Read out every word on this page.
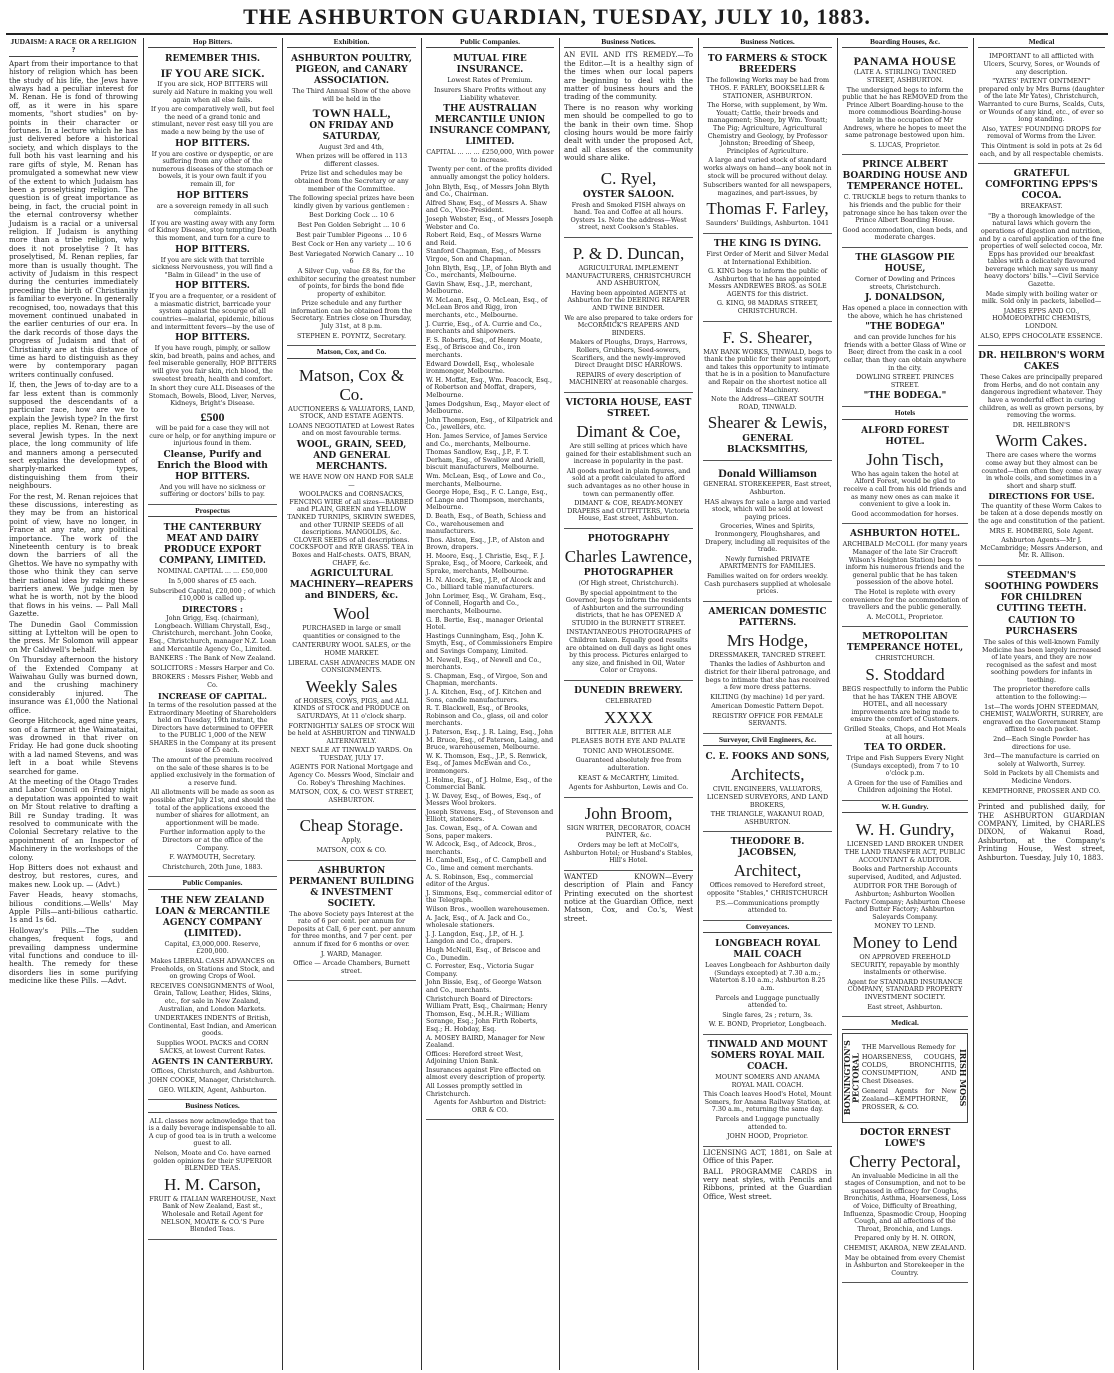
THE ASHBURTON GUARDIAN, TUESDAY, JULY 10, 1883.
JUDAISM: A RACE OR A RELIGION ?

Apart from their importance to that history of religion which has been the study of his life, the Jews have always had a peculiar interest for M. Renan. He is fond of throwing off, as it were in his spare moments, "short studies" on by-points in their character or fortunes. In a lecture which he has just delivered before a historical society, and which displays to the full both his vast learning and his rare gifts of style, M. Renan has promulgated a somewhat new view of the extent to which Judaism has been a proselytising religion. The question is of great importance as being, in fact, the crucial point in the eternal controversy whether Judaism is a racial or a universal religion. If Judaism is anything more than a tribe religion, why does it not proselytise ? It has proselytised, M. Renan replies, far more than is usually thought. The activity of Judaism in this respect during the centuries immediately preceding the birth of Christianity is familiar to everyone. In generally recognised, too, nowadays that this movement continued unabated in the earlier centuries of our era. In the dark records of those days the progress of Judaism and that of Christianity are at this distance of time as hard to distinguish as they were by contemporary pagan writers continually confused.

If, then, the Jews of to-day are to a far less extent than is commonly supposed the descendants of a particular race, how are we to explain the Jewish type? In the first place, replies M. Renan, there are several Jewish types. In the next place, the long community of life and manners among a persecuted sect explains the development of sharply-marked types, distinguishing them from their neighbours.

For the rest, M. Renan rejoices that these discussions, interesting as they may be from an historical point of view, have no longer, in France at any rate, any political importance. The work of the Nineteenth century is to break down the barriers of all the Ghettos. We have no sympathy with those who think they can serve their national idea by raking these barriers anew. We judge men by what he is worth, not by the blood that flows in his veins. — Pall Mall Gazette.

The Dunedin Gaol Commission sitting at Lyttelton will be open to the press. Mr Solomon will appear on Mr Caldwell's behalf.

On Thursday afternoon the history of the Extended Company at Waiwahau Gully was burned down, and the crushing machinery considerably injured. The insurance was £1,000 the National office.

George Hitchcock, aged nine years, son of a farmer at the Waimataitai, was drowned in that river on Friday. He had gone duck shooting with a lad named Stevens, and was left in a boat while Stevens searched for game.

At the meeting of the Otago Trades and Labor Council on Friday night a deputation was appointed to wait on Mr Stout relative to drafting a Bill re Sunday trading. It was resolved to communicate with the Colonial Secretary relative to the appointment of an Inspector of Machinery in the workshops of the colony.

Hop Bitters does not exhaust and destroy, but restores, cures, and makes new. Look up. — (Advt.)

Faver Heads, heavy stomachs, bilious conditions.—Wells' May Apple Pills—anti-bilious cathartic. 1s and 1s 6d.

Holloway's Pills.—The sudden changes, frequent fogs, and prevailing dampness undermine vital functions and conduce to ill-health. The remedy for these disorders lies in some purifying medicine like these Pills. —Advt.

Hop Bitters.
REMEMBER THIS.
IF YOU ARE SICK.

If you are sick, HOP BITTERS will surely aid Nature in making you well again when all else fails.

If you are comparatively well, but feel the need of a grand tonic and stimulant, never rest easy till you are made a new being by the use of

HOP BITTERS.

If you are costive or dyspeptic, or are suffering from any other of the numerous diseases of the stomach or bowels, it is your own fault if you remain ill, for

HOP BITTERS

are a sovereign remedy in all such complaints.

If you are wasting away with any form of Kidney Disease, stop tempting Death this moment, and turn for a cure to

HOP BITTERS.

If you are sick with that terrible sickness Nervousness, you will find a "Balm in Gilead" in the use of

HOP BITTERS.

If you are a frequenter, or a resident of a miasmatic district, barricade your system against the scourge of all countries—malarial, epidemic, bilious and intermittent fevers—by the use of

HOP BITTERS.

If you have rough, pimply, or sallow skin, bad breath, pains and aches, and feel miserable generally, HOP BITTERS will give you fair skin, rich blood, the sweetest breath, health and comfort.

In short they cure ALL Diseases of the Stomach, Bowels, Blood, Liver, Nerves, Kidneys, Bright's Disease.

£500

will be paid for a case they will not cure or help, or for anything impure or injurious found in them.

Cleanse, Purify and Enrich the Blood with HOP BITTERS.

And you will have no sickness or suffering or doctors' bills to pay.

Prospectus
THE CANTERBURY MEAT AND DAIRY PRODUCE EXPORT COMPANY, LIMITED.

NOMINAL CAPITAL ... ... £50,000

In 5,000 shares of £5 each.

Subscribed Capital, £20,000 ; of which £10,000 is called up.

DIRECTORS :

John Grigg, Esq. (chairman), Longbeach. William Chrystall, Esq., Christchurch, merchant. John Cooke, Esq., Christchurch, manager N.Z. Loan and Mercantile Agency Co., Limited.

BANKERS : The Bank of New Zealand.

SOLICITORS : Messrs Harper and Co.

BROKERS : Messrs Fisher, Webb and Co.

INCREASE OF CAPITAL.

In terms of the resolution passed at the Extraordinary Meeting of Shareholders held on Tuesday, 19th instant, the Directors have determined to OFFER to the PUBLIC 1,000 of the NEW SHARES in the Company at its present issue of £5 each.

The amount of the premium received on the sale of these shares is to be applied exclusively in the formation of a reserve fund.

All allotments will be made as soon as possible after July 21st, and should the total of the applications exceed the number of shares for allotment, an apportionment will be made.

Further information apply to the Directors or at the office of the Company.

F. WAYMOUTH, Secretary.

Christchurch, 20th June, 1883.

Public Companies.
THE NEW ZEALAND LOAN & MERCANTILE AGENCY COMPANY (LIMITED).

Capital, £3,000,000. Reserve, £200,000.

Makes LIBERAL CASH ADVANCES on Freeholds, on Stations and Stock, and on growing Crops of Wool.

RECEIVES CONSIGNMENTS of Wool, Grain, Tallow, Leather, Hides, Skins, etc., for sale in New Zealand, Australian, and London Markets.

UNDERTAKES INDENTS of British, Continental, East Indian, and American goods.

Supplies WOOL PACKS and CORN SACKS, at lowest Current Rates.

AGENTS IN CANTERBURY.

Offices, Christchurch, and Ashburton.

JOHN COOKE, Manager, Christchurch.

GEO. WILKIN, Agent, Ashburton.

Business Notices.

ALL classes now acknowledge that tea is a daily beverage indispensable to all. A cup of good tea is in truth a welcome guest to all.

Nelson, Moate and Co. have earned golden opinions for their SUPERIOR BLENDED TEAS.

H. M. Carson,

FRUIT & ITALIAN WAREHOUSE, Next Bank of New Zealand, East st., Wholesale and Retail Agent for NELSON, MOATE & CO.'S Pure Blended Teas.

Exhibition.
ASHBURTON POULTRY, PIGEON, and CANARY ASSOCIATION.

The Third Annual Show of the above will be held in the

TOWN HALL,
ON FRIDAY AND SATURDAY,

August 3rd and 4th,

When prizes will be offered in 113 different classes.

Prize list and schedules may be obtained from the Secretary or any member of the Committee.

The following special prizes have been kindly given by various gentlemen :

Best Dorking Cock ... 10 6

Best Pen Golden Sebright ... 10 6

Best pair Tumbler Pigeons ... 10 6

Best Cock or Hen any variety ... 10 6

Best Variegated Norwich Canary ... 10 6

A Silver Cup, value £8 8s, for the exhibitor securing the greatest number of points, for birds the bond fide property of exhibitor.

Prize schedule and any further information can be obtained from the Secretary. Entries close on Thursday, July 31st, at 8 p.m.

STEPHEN E. POYNTZ, Secretary.

Matson, Cox, and Co.
Matson, Cox & Co.

AUCTIONEERS & VALUATORS, LAND, STOCK, AND ESTATE AGENTS.

LOANS NEGOTIATED at Lowest Rates and on most favourable terms.

WOOL, GRAIN, SEED, AND GENERAL MERCHANTS.

WE HAVE NOW ON HAND FOR SALE—

WOOLPACKS and CORNSACKS, FENCING WIRE of all sizes—BARBED and PLAIN, GREEN and YELLOW TANKED TURNIPS, SKIRVIN SWEDES, and other TURNIP SEEDS of all descriptions. MANGOLDS, &c. CLOVER SEEDS of all descriptions. COCKSFOOT and RYE GRASS. TEA in Boxes and Half-chests. OATS, BRAN, CHAFF, &c.

AGRICULTURAL MACHINERY—REAPERS and BINDERS, &c.
Wool

PURCHASED in large or small quantities or consigned to the

CANTERBURY WOOL SALES, or the HOME MARKET.

LIBERAL CASH ADVANCES MADE ON CONSIGNMENTS.

Weekly Sales

of HORSES, COWS, PIGS, and ALL KINDS of STOCK and PRODUCE on SATURDAYS, At 11 o'clock sharp.

FORTNIGHTLY SALES OF STOCK Will be held at ASHBURTON and TINWALD ALTERNATELY.

NEXT SALE AT TINWALD YARDS. On TUESDAY, JULY 17.

AGENTS FOR National Mortgage and Agency Co. Messrs Wood, Sinclair and Co. Robey's Threshing Machines.

MATSON, COX, & CO. WEST STREET, ASHBURTON.

Cheap Storage.

Apply,

MATSON, COX & CO.

ASHBURTON PERMANENT BUILDING & INVESTMENT SOCIETY.

The above Society pays Interest at the rate of 6 per cent. per annum for Deposits at Call, 6 per cent. per annum for three months, and 7 per cent. per annum if fixed for 6 months or over.

J. WARD, Manager.

Office — Arcade Chambers, Burnett street.

Public Companies.
MUTUAL FIRE INSURANCE.

Lowest Rates of Premium.

Insurers Share Profits without any Liability whatever.

THE AUSTRALIAN MERCANTILE UNION INSURANCE COMPANY, LIMITED.

CAPITAL ... ... ... £250,000, With power to increase.

Twenty per cent. of the profits divided annually amongst the policy holders.

John Blyth, Esq., of Messrs John Blyth and Co., Chairman.

Alfred Shaw, Esq., of Messrs A. Shaw and Co., Vice-President.

Joseph Webster, Esq., of Messrs Joseph Webster and Co.

Robert Reid, Esq., of Messrs Warne and Reid.

Stanford Chapman, Esq., of Messrs Virgoe, Son and Chapman.

John Blyth, Esq., J.P., of John Blyth and Co., merchants, Melbourne.

Gavin Shaw, Esq., J.P., merchant, Melbourne.

W. McLean, Esq., O. McLean, Esq., of McLean Bros and Rigg, iron merchants, etc., Melbourne.

J. Currie, Esq., of A. Currie and Co., merchants and shipowners.

F. S. Roberts, Esq., of Henry Moate, Esq., of Briscoe and Co., iron merchants.

Edward Dowdell, Esq., wholesale ironmonger, Melbourne.

W. H. Moffat, Esq., Wm. Peacock, Esq., of Robertson and Moffat, drapers, Melbourne.

James Dodgshun, Esq., Mayor elect of Melbourne.

John Thompson, Esq., of Kilpatrick and Co., jewellers, etc.

Hon. James Service, of James Service and Co., merchants, Melbourne.

Thomas Sandlow, Esq., J.P., F. T. Derham, Esq., of Swallow and Ariell, biscuit manufacturers, Melbourne.

Wm. McLean, Esq., of Lowe and Co., merchants, Melbourne.

George Hope, Esq., F. C. Lange, Esq., of Lange and Thompson, merchants, Melbourne.

D. Beath, Esq., of Beath, Schiess and Co., warehousemen and manufacturers.

Thos. Alston, Esq., J.P., of Alston and Brown, drapers.

H. Moore, Esq., J. Christie, Esq., F. J. Sprake, Esq., of Moore, Carkeek, and Sprake, merchants, Melbourne.

H. N. Alcock, Esq., J.P., of Alcock and Co., billiard table manufacturers.

John Lorimer, Esq., W. Graham, Esq., of Connell, Hogarth and Co., merchants, Melbourne.

G. B. Bertie, Esq., manager Oriental Hotel.

Hastings Cunningham, Esq., John K. Smyth, Esq., of Commissioners Empire and Savings Company, Limited.

M. Newell, Esq., of Newell and Co., merchants.

S. Chapman, Esq., of Virgoe, Son and Chapman, merchants.

J. A. Kitchen, Esq., of J. Kitchen and Sons, candle manufacturers.

R. T. Blackwell, Esq., of Brooks, Robinson and Co., glass, oil and color merchants.

J. Paterson, Esq., J. R. Laing, Esq., John M. Bruce, Esq., of Paterson, Laing, and Bruce, warehousemen, Melbourne.

W. K. Thomson, Esq., J.P., S. Renwick, Esq., of James McEwan and Co., ironmongers.

J. Holme, Esq., of J. Holme, Esq., of the Commercial Bank.

J. W. Davey, Esq., of Bowes, Esq., of Messrs Wool brokers.

Joseph Stevens, Esq., of Stevenson and Elliott, stationers.

Jas. Cowan, Esq., of A. Cowan and Sons, paper makers.

W. Adcock, Esq., of Adcock, Bros., merchants.

H. Cambell, Esq., of C. Campbell and Co., lime and cement merchants.

A. S. Robinson, Esq., commercial editor of the Argus.

J. Simmons, Esq., commercial editor of the Telegraph.

Wilson Bros., woollen warehousemen.

A. Jack, Esq., of A. Jack and Co., wholesale stationers.

J. J. Langdon, Esq., J.P., of H. J. Langdon and Co., drapers.

Hugh McNeill, Esq., of Briscoe and Co., Dunedin.

C. Forrester, Esq., Victoria Sugar Company.

John Bissie, Esq., of George Watson and Co., merchants.

Christchurch Board of Directors: William Pratt, Esq., Chairman; Henry Thomson, Esq., M.H.R.; William Sorange, Esq.; John Firth Roberts, Esq.; H. Hobday, Esq.

A. MOSEY BAIRD, Manager for New Zealand.

Offices: Hereford street West, Adjoining Union Bank.

Insurances against Fire effected on almost every description of property.

All Losses promptly settled in Christchurch.

Agents for Ashburton and District: ORR & CO.

Business Notices.

AN EVIL AND ITS REMEDY.—To the Editor.—It is a healthy sign of the times when our local papers are beginning to deal with the matter of business hours and the trading of the community.

There is no reason why working men should be compelled to go to the bank in their own time. Shop closing hours would be more fairly dealt with under the proposed Act, and all classes of the community would share alike.

C. Ryel,
OYSTER SALOON.

Fresh and Smoked FISH always on hand. Tea and Coffee at all hours. Oysters 1s. Note the address—West street, next Cookson's Stables.

P. & D. Duncan,

AGRICULTURAL IMPLEMENT MANUFACTURERS, CHRISTCHURCH AND ASHBURTON,

Having been appointed AGENTS at Ashburton for the DEERING REAPER AND TWINE BINDER.

We are also prepared to take orders for McCORMICK'S REAPERS AND BINDERS.

Makers of Ploughs, Drays, Harrows, Rollers, Grubbers, Seed-sowers, Scarifiers, and the newly-improved Direct Draught DISC HARROWS.

REPAIRS of every description of MACHINERY at reasonable charges.

VICTORIA HOUSE, EAST STREET.
Dimant & Coe,

Are still selling at prices which have gained for their establishment such an increase in popularity in the past.

All goods marked in plain figures, and sold at a profit calculated to afford such advantages as no other house in town can permanently offer.

DIMANT & COE, READY-MONEY DRAPERS and OUTFITTERS, Victoria House, East street, Ashburton.

PHOTOGRAPHY
Charles Lawrence,
PHOTOGRAPHER

(Of High street, Christchurch).

By special appointment to the Governor, begs to inform the residents of Ashburton and the surrounding districts, that he has OPENED A STUDIO in the BURNETT STREET.

INSTANTANEOUS PHOTOGRAPHS of Children taken. Equally good results are obtained on dull days as light ones by this process. Pictures enlarged to any size, and finished in Oil, Water Color or Crayons.

DUNEDIN BREWERY.

CELEBRATED

XXXX

BITTER ALE, BITTER ALE

PLEASES BOTH EYE AND PALATE

TONIC AND WHOLESOME.

Guaranteed absolutely free from adulteration.

KEAST & McCARTHY, Limited.

Agents for Ashburton, Lewis and Co.

John Broom,

SIGN WRITER, DECORATOR, COACH PAINTER, &c.

Orders may be left at McColl's, Ashburton Hotel; or Husband's Stables, Hill's Hotel.

WANTED KNOWN—Every description of Plain and Fancy Printing executed on the shortest notice at the Guardian Office, next Matson, Cox, and Co.'s, West street.

Business Notices.
TO FARMERS & STOCK BREEDERS

The following Works may be had from THOS. F. FARLEY, BOOKSELLER & STATIONER, ASHBURTON.

The Horse, with supplement, by Wm. Youatt; Cattle, their breeds and management; Sheep, by Wm. Youatt; The Pig; Agriculture, Agricultural Chemistry and Geology, by Professor Johnston; Breeding of Sheep, Principles of Agriculture.

A large and varied stock of standard works always on hand—any book not in stock will be procured without delay.

Subscribers wanted for all newspapers, magazines, and part-issues, by

Thomas F. Farley,

Saunders' Buildings, Ashburton. 1041

THE KING IS DYING.

First Order of Merit and Silver Medal at International Exhibition.

G. KING begs to inform the public of Ashburton that he has appointed Messrs ANDREWES BROS. as SOLE AGENTS for this district.

G. KING, 98 MADRAS STREET, CHRISTCHURCH.

F. S. Shearer,

MAY BANK WORKS, TINWALD, begs to thank the public for their past support, and takes this opportunity to intimate that he is in a position to Manufacture and Repair on the shortest notice all kinds of Machinery.

Note the Address—GREAT SOUTH ROAD, TINWALD.

Shearer & Lewis,
GENERAL BLACKSMITHS,
Donald Williamson

GENERAL STOREKEEPER, East street, Ashburton.

HAS always for sale a large and varied stock, which will be sold at lowest paying prices.

Groceries, Wines and Spirits, Ironmongery, Ploughshares, and Drapery, including all requisites of the trade.

Newly furnished PRIVATE APARTMENTS for FAMILIES.

Families waited on for orders weekly. Cash purchasers supplied at wholesale prices.

AMERICAN DOMESTIC PATTERNS.
Mrs Hodge,

DRESSMAKER, TANCRED STREET.

Thanks the ladies of Ashburton and district for their liberal patronage, and begs to intimate that she has received a few more dress patterns.

KILTING (by machine) 1d per yard.

American Domestic Pattern Depot.

REGISTRY OFFICE FOR FEMALE SERVANTS.

Surveyor, Civil Engineers, &c.
C. E. FOOKS AND SONS,
Architects,

CIVIL ENGINEERS, VALUATORS, LICENSED SURVEYORS, AND LAND BROKERS,

THE TRIANGLE, WAKANUI ROAD, ASHBURTON.

THEODORE B. JACOBSEN,
Architect,

Offices removed to Hereford street, opposite "Stables," CHRISTCHURCH

P.S.—Communications promptly attended to.

Conveyances.
LONGBEACH ROYAL MAIL COACH

Leaves Longbeach for Ashburton daily (Sundays excepted) at 7.30 a.m.; Waterton 8.10 a.m.; Ashburton 8.25 a.m.

Parcels and Luggage punctually attended to.

Single fares, 2s ; return, 3s.

W. E. BOND, Proprietor, Longbeach.

TINWALD AND MOUNT SOMERS ROYAL MAIL COACH.

MOUNT SOMERS AND ANAMA ROYAL MAIL COACH.

This Coach leaves Hood's Hotel, Mount Somers, for Anama Railway Station, at 7.30 a.m., returning the same day.

Parcels and Luggage punctually attended to.

JOHN HOOD, Proprietor.

LICENSING ACT, 1881, on Sale at Office of this Paper.

BALL PROGRAMME CARDS in very neat styles, with Pencils and Ribbons, printed at the Guardian Office, West street.

Boarding Houses, &c.
PANAMA HOUSE

(LATE A. STIRLING) TANCRED STREET, ASHBURTON.

The undersigned begs to inform the public that he has REMOVED from the Prince Albert Boarding-house to the more commodious Boarding-house lately in the occupation of Mr Andrews, where he hopes to meet the same patronage bestowed upon him.

S. LUCAS, Proprietor.

PRINCE ALBERT BOARDING HOUSE AND TEMPERANCE HOTEL.

C. TRUCKLE begs to return thanks to his friends and the public for their patronage since he has taken over the Prince Albert Boarding House.

Good accommodation, clean beds, and moderate charges.

THE GLASGOW PIE HOUSE,

Corner of Dowling and Princes streets, Christchurch.

J. DONALDSON,

Has opened a place in connection with the above, which he has christened

"THE BODEGA"

and can provide lunches for his friends with a better Glass of Wine or Beer, direct from the cask in a cool cellar, than they can obtain anywhere in the city.

DOWLING STREET. PRINCES STREET.

"THE BODEGA."
Hotels
ALFORD FOREST HOTEL.
John Tisch,

Who has again taken the hotel at Alford Forest, would be glad to receive a call from his old friends and as many new ones as can make it convenient to give a look in.

Good accommodation for horses.

ASHBURTON HOTEL.

ARCHIBALD McCOLL (for many years Manager of the late Sir Cracroft Wilson's Heighton Station) begs to inform his numerous friends and the general public that he has taken possession of the above hotel.

The Hotel is replete with every convenience for the accommodation of travellers and the public generally.

A. McCOLL, Proprietor.

METROPOLITAN TEMPERANCE HOTEL,

CHRISTCHURCH.

S. Stoddard

BEGS respectfully to inform the Public that he has TAKEN THE ABOVE HOTEL, and all necessary improvements are being made to ensure the comfort of Customers.

Grilled Steaks, Chops, and Hot Meals at all hours.

TEA TO ORDER.

Tripe and Fish Suppers Every Night (Sundays excepted), from 7 to 10 o'clock p.m.

A Green for the use of Families and Children adjoining the Hotel.

W. H. Gundry.
W. H. Gundry,

LICENSED LAND BROKER UNDER THE LAND TRANSFER ACT, PUBLIC ACCOUNTANT & AUDITOR.

Books and Partnership Accounts supervised, Audited, and Adjusted.

AUDITOR FOR THE Borough of Ashburton; Ashburton Woollen Factory Company; Ashburton Cheese and Butter Factory; Ashburton Saleyards Company.

MONEY TO LEND.

Money to Lend

ON APPROVED FREEHOLD SECURITY, repayable by monthly instalments or otherwise.

Agent for STANDARD INSURANCE COMPANY, STANDARD PROPERTY INVESTMENT SOCIETY.

East street, Ashburton.

Medical.
BONNINGTON'S PECTORAL

THE Marvellous Remedy for

HOARSENESS, COUGHS, COLDS, BRONCHITIS, CONSUMPTION, AND Chest Diseases.

General Agents for New Zealand—KEMPTHORNE, PROSSER, & CO.

IRISH MOSS
DOCTOR ERNEST LOWE'S
Cherry Pectoral,

An invaluable Medicine in all the stages of Consumption, and not to be surpassed in efficacy for Coughs, Bronchitis, Asthma, Hoarseness, Loss of Voice, Difficulty of Breathing, Influenza, Spasmodic Croup, Hooping Cough, and all affections of the Throat, Bronchia, and Lungs.

Prepared only by H. N. OIRON,

CHEMIST, AKAROA, NEW ZEALAND.

May be obtained from every Chemist in Ashburton and Storekeeper in the Country.

Medical

IMPORTANT to all afflicted with Ulcers, Scurvy, Sores, or Wounds of any description.

"YATES' PATENT OINTMENT" prepared only by Mrs Burns (daughter of the late Mr Yates), Christchurch, Warranted to cure Burns, Scalds, Cuts, or Wounds of any kind, etc., of ever so long standing.

Also, YATES' FOUNDING DROPS for removal of Worms from the Liver.

This Ointment is sold in pots at 2s 6d each, and by all respectable chemists.

GRATEFUL COMFORTING EPPS'S COCOA.

BREAKFAST.

"By a thorough knowledge of the natural laws which govern the operations of digestion and nutrition, and by a careful application of the fine properties of well selected cocoa, Mr. Epps has provided our breakfast tables with a delicately flavoured beverage which may save us many heavy doctors' bills."—Civil Service Gazette.

Made simply with boiling water or milk. Sold only in packets, labelled—

JAMES EPPS AND CO., HOMOEOPATHIC CHEMISTS, LONDON.

ALSO, EPPS CHOCOLATE ESSENCE.

DR. HEILBRON'S WORM CAKES

These Cakes are principally prepared from Herbs, and do not contain any dangerous ingredient whatever. They have a wonderful effect in curing children, as well as grown persons, by removing the worms.

DR. HEILBRON'S

Worm Cakes.

There are cases where the worms come away but they almost can be counted—then often they come away in whole coils, and sometimes in a short and sharp stuff.

DIRECTIONS FOR USE.

The quantity of these Worm Cakes to be taken at a dose depends mostly on the age and constitution of the patient.

MRS E. HOMBERG, Sole Agent.

Ashburton Agents—Mr J. McCambridge; Messrs Anderson, and Mr. R. Allison.

STEEDMAN'S SOOTHING POWDERS FOR CHILDREN CUTTING TEETH.
CAUTION TO PURCHASERS

The sales of this well-known Family Medicine has been largely increased of late years, and they are now recognised as the safest and most soothing powders for infants in teething.

The proprietor therefore calls attention to the following:—

1st—The words JOHN STEEDMAN, CHEMIST, WALWORTH, SURREY, are engraved on the Government Stamp affixed to each packet.

2nd—Each Single Powder has directions for use.

3rd—The manufacture is carried on solely at Walworth, Surrey.

Sold in Packets by all Chemists and Medicine Vendors.

KEMPTHORNE, PROSSER AND CO.

Printed and published daily, for THE ASHBURTON GUARDIAN COMPANY, Limited, by CHARLES DIXON, of Wakanui Road, Ashburton, at the Company's Printing House, West street, Ashburton. Tuesday, July 10, 1883.
